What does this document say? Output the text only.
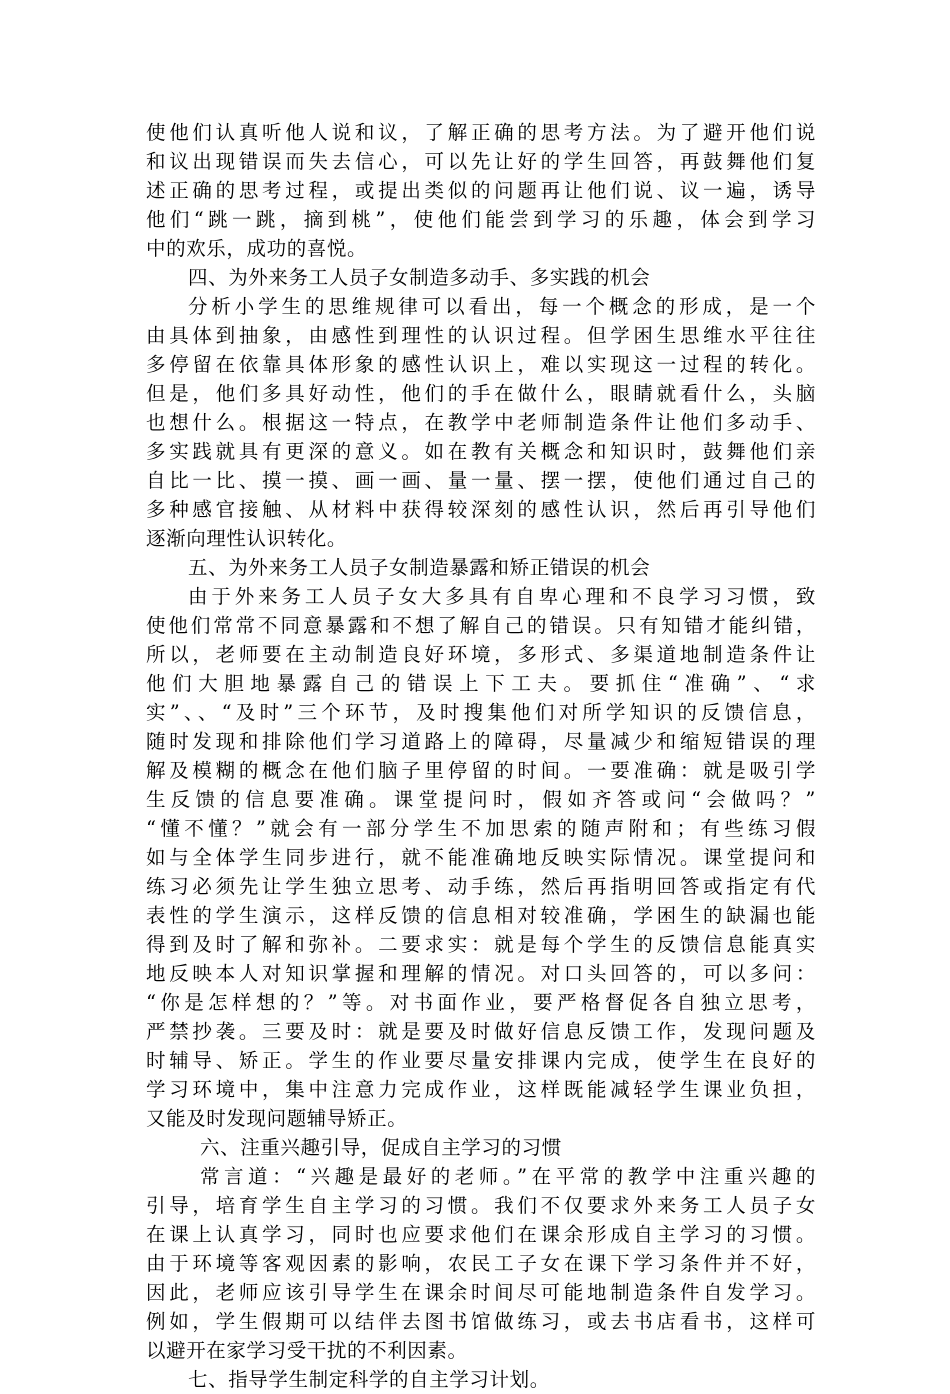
使他们认真听他人说和议，了解正确的思考方法。为了避开他们说
和议出现错误而失去信心，可以先让好的学生回答，再鼓舞他们复
述正确的思考过程，或提出类似的问题再让他们说、议一遍，诱导
他们“跳一跳，摘到桃”，使他们能尝到学习的乐趣，体会到学习
中的欢乐，成功的喜悦。
四、为外来务工人员子女制造多动手、多实践的机会
分析小学生的思维规律可以看出，每一个概念的形成，是一个
由具体到抽象，由感性到理性的认识过程。但学困生思维水平往往
多停留在依靠具体形象的感性认识上，难以实现这一过程的转化。
但是，他们多具好动性，他们的手在做什么，眼睛就看什么，头脑
也想什么。根据这一特点，在教学中老师制造条件让他们多动手、
多实践就具有更深的意义。如在教有关概念和知识时，鼓舞他们亲
自比一比、摸一摸、画一画、量一量、摆一摆，使他们通过自己的
多种感官接触、从材料中获得较深刻的感性认识，然后再引导他们
逐渐向理性认识转化。
五、为外来务工人员子女制造暴露和矫正错误的机会
由于外来务工人员子女大多具有自卑心理和不良学习习惯，致
使他们常常不同意暴露和不想了解自己的错误。只有知错才能纠错，
所以，老师要在主动制造良好环境，多形式、多渠道地制造条件让
他们大胆地暴露自己的错误上下工夫。要抓住“准确”、“求
实”、、“及时”三个环节，及时搜集他们对所学知识的反馈信息，
随时发现和排除他们学习道路上的障碍，尽量减少和缩短错误的理
解及模糊的概念在他们脑子里停留的时间。一要准确：就是吸引学
生反馈的信息要准确。课堂提问时，假如齐答或问“会做吗？”
“懂不懂？”就会有一部分学生不加思索的随声附和；有些练习假
如与全体学生同步进行，就不能准确地反映实际情况。课堂提问和
练习必须先让学生独立思考、动手练，然后再指明回答或指定有代
表性的学生演示，这样反馈的信息相对较准确，学困生的缺漏也能
得到及时了解和弥补。二要求实：就是每个学生的反馈信息能真实
地反映本人对知识掌握和理解的情况。对口头回答的，可以多问：
“你是怎样想的？”等。对书面作业，要严格督促各自独立思考，
严禁抄袭。三要及时：就是要及时做好信息反馈工作，发现问题及
时辅导、矫正。学生的作业要尽量安排课内完成，使学生在良好的
学习环境中，集中注意力完成作业，这样既能减轻学生课业负担，
又能及时发现问题辅导矫正。
六、注重兴趣引导，促成自主学习的习惯
常言道：“兴趣是最好的老师。”在平常的教学中注重兴趣的
引导，培育学生自主学习的习惯。我们不仅要求外来务工人员子女
在课上认真学习，同时也应要求他们在课余形成自主学习的习惯。
由于环境等客观因素的影响，农民工子女在课下学习条件并不好，
因此，老师应该引导学生在课余时间尽可能地制造条件自发学习。
例如，学生假期可以结伴去图书馆做练习，或去书店看书，这样可
以避开在家学习受干扰的不利因素。
七、指导学生制定科学的自主学习计划。
